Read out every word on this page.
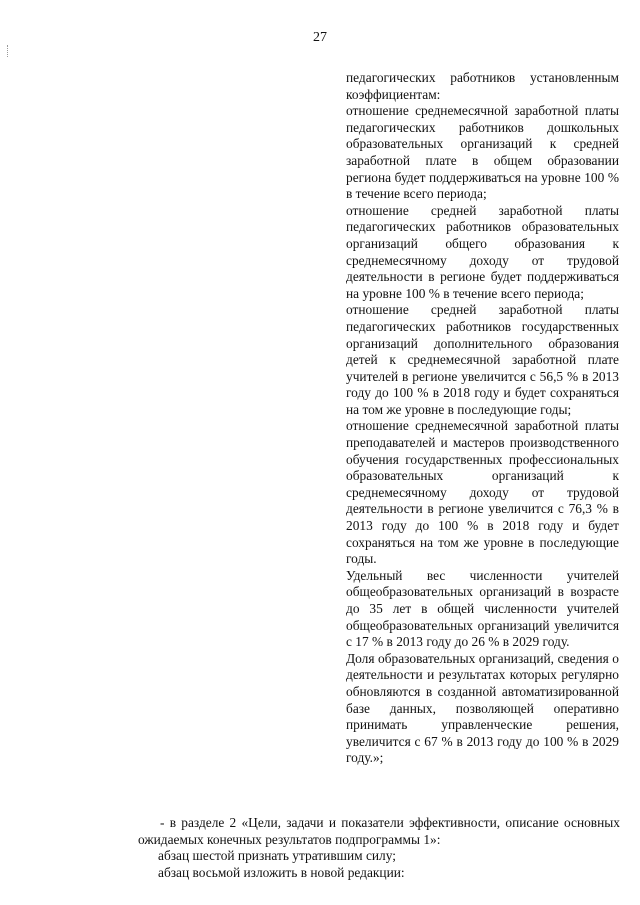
27

педагогических работников установленным коэффициентам:

отношение среднемесячной заработной платы педагогических работников дошкольных образовательных организаций к средней заработной плате в общем образовании региона будет поддерживаться на уровне 100 % в течение всего периода;

отношение средней заработной платы педагогических работников образовательных организаций общего образования к среднемесячному доходу от трудовой деятельности в регионе будет поддерживаться на уровне 100 % в течение всего периода;

отношение средней заработной платы педагогических работников государственных организаций дополнительного образования детей к среднемесячной заработной плате учителей в регионе увеличится с 56,5 % в 2013 году до 100 % в 2018 году и будет сохраняться на том же уровне в последующие годы;

отношение среднемесячной заработной платы преподавателей и мастеров производственного обучения государственных профессиональных образовательных организаций к среднемесячному доходу от трудовой деятельности в регионе увеличится с 76,3 % в 2013 году до 100 % в 2018 году и будет сохраняться на том же уровне в последующие годы.

Удельный вес численности учителей общеобразовательных организаций в возрасте до 35 лет в общей численности учителей общеобразовательных организаций увеличится с 17 % в 2013 году до 26 % в 2029 году.

Доля образовательных организаций, сведения о деятельности и результатах которых регулярно обновляются в созданной автоматизированной базе данных, позволяющей оперативно принимать управленческие решения, увеличится с 67 % в 2013 году до 100 % в 2029 году.»;

- в разделе 2 «Цели, задачи и показатели эффективности, описание основных ожидаемых конечных результатов подпрограммы 1»:

абзац шестой признать утратившим силу;

абзац восьмой изложить в новой редакции:
